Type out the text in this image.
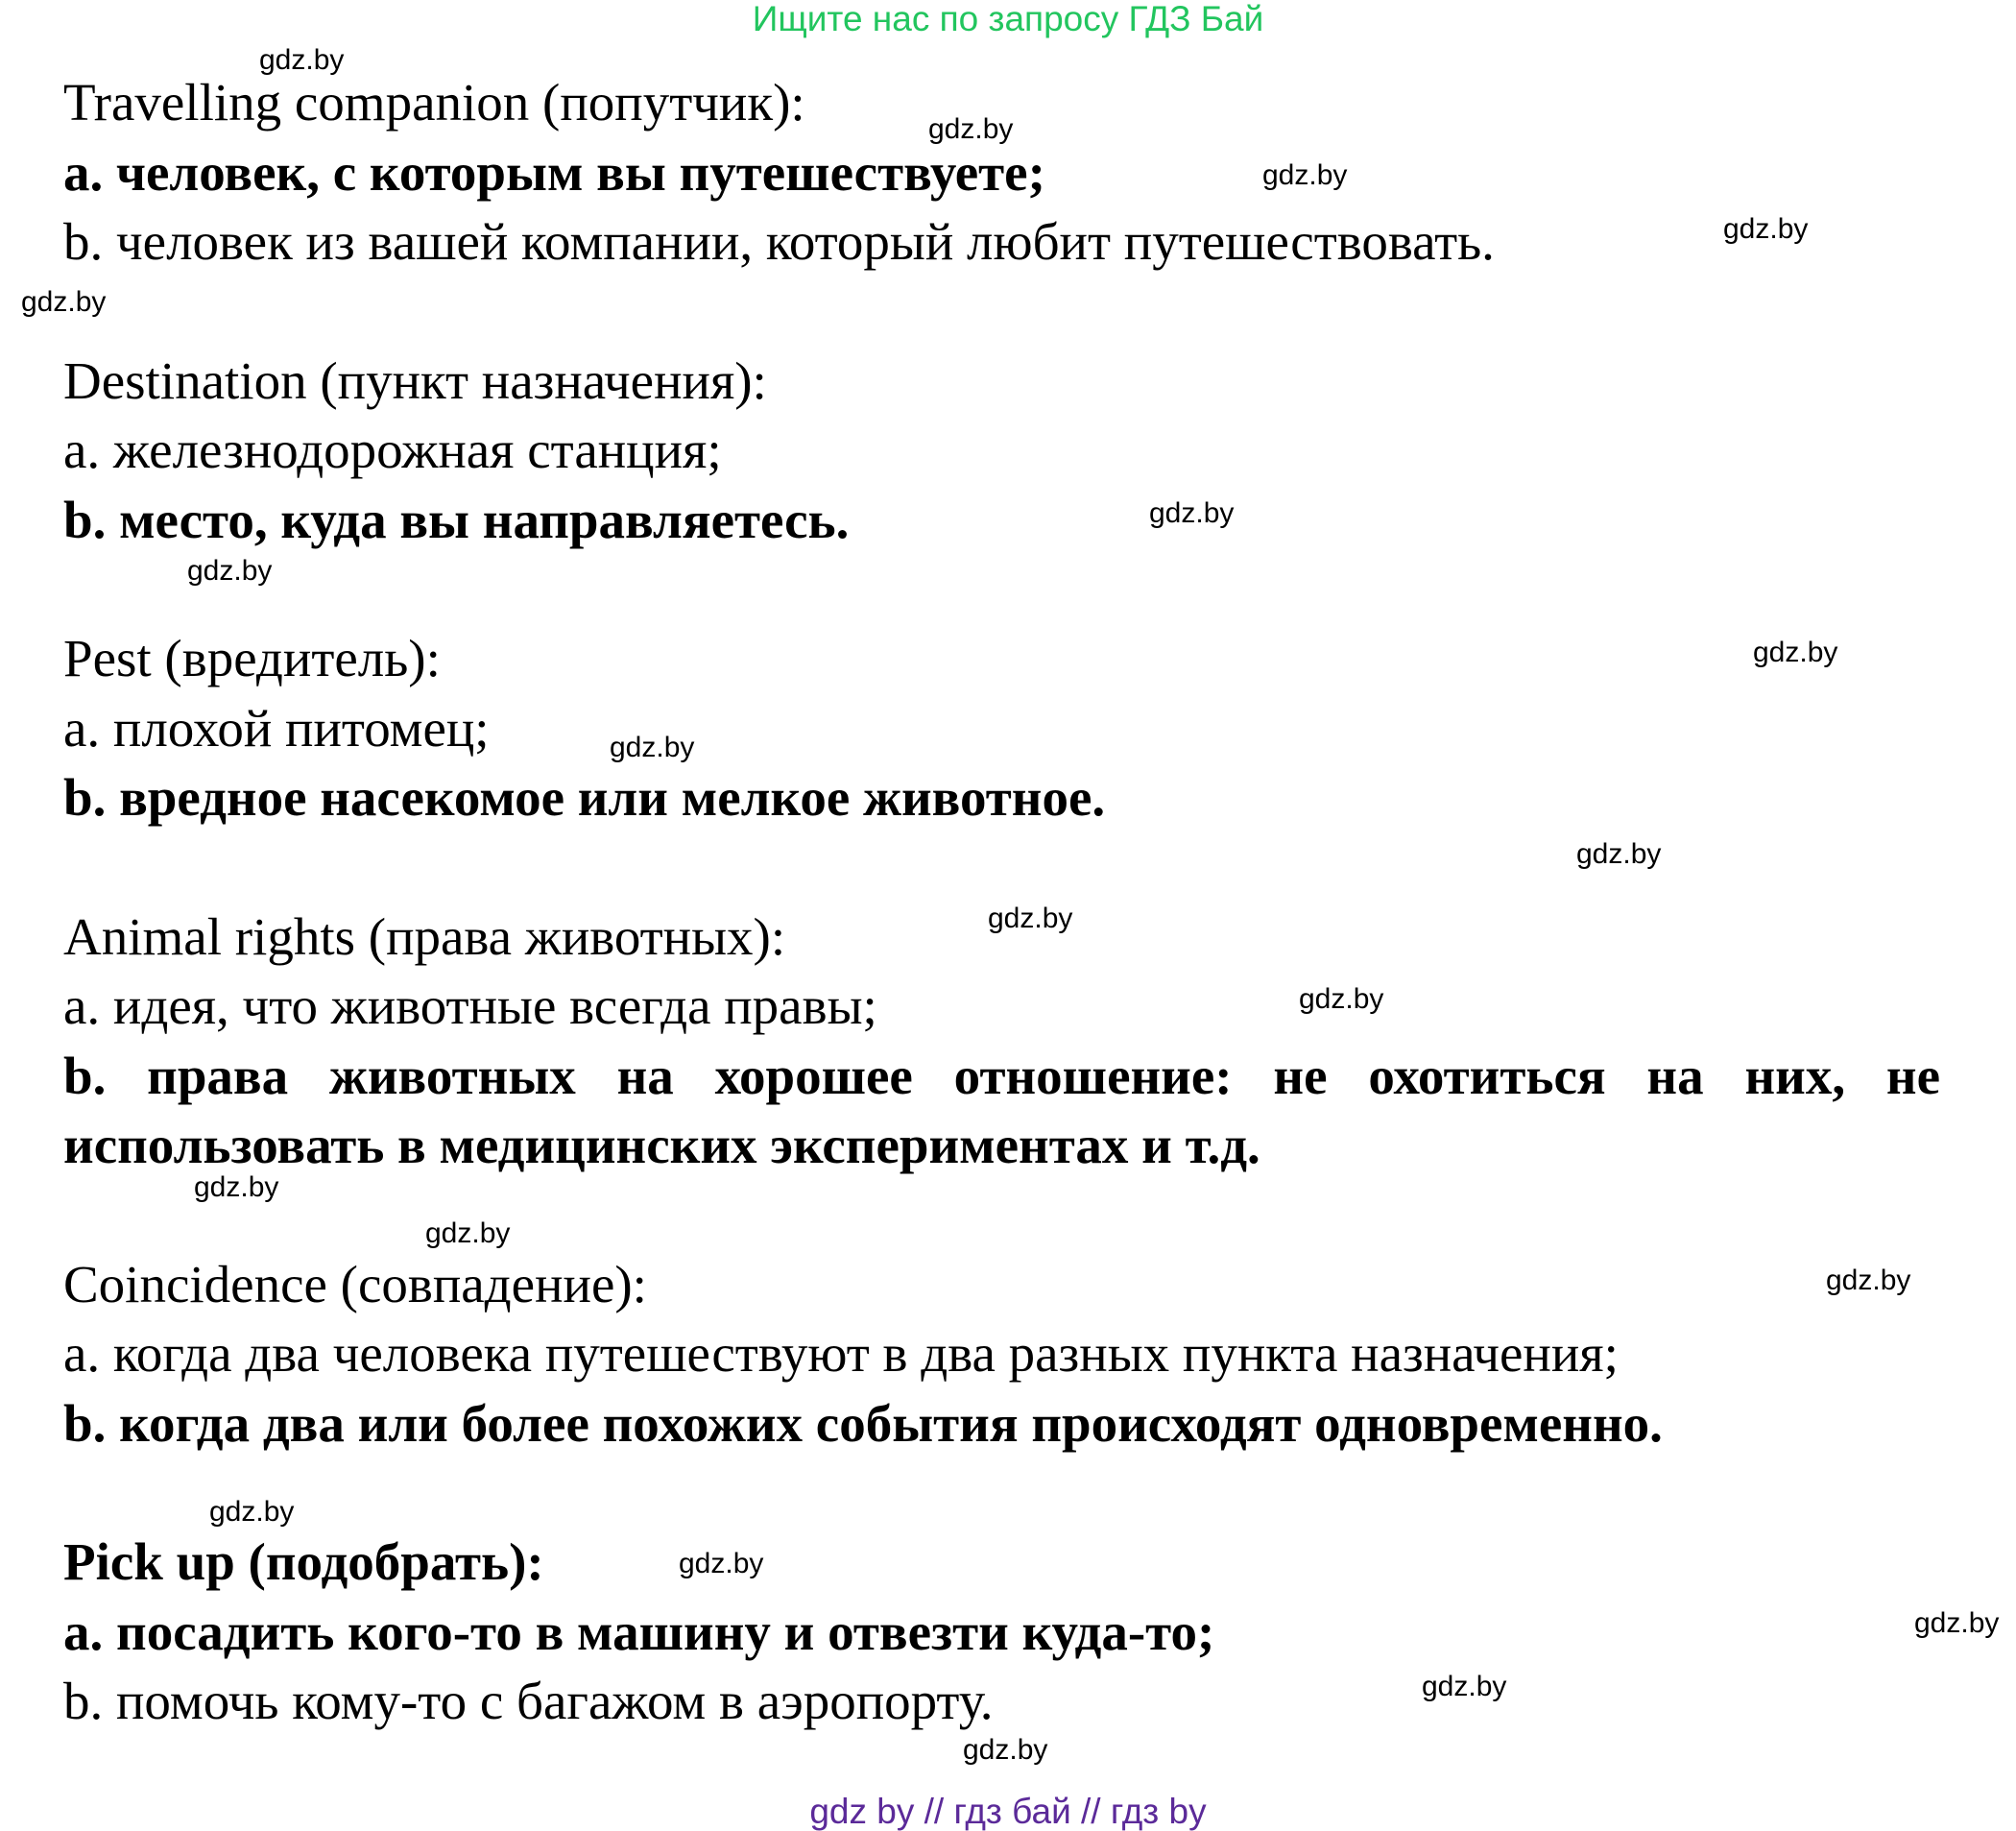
Ищите нас по запросу ГДЗ Бай
Travelling companion (попутчик):
a. человек, с которым вы путешествуете;
b. человек из вашей компании, который любит путешествовать.
Destination (пункт назначения):
a. железнодорожная станция;
b. место, куда вы направляетесь.
Pest (вредитель):
a. плохой питомец;
b. вредное насекомое или мелкое животное.
Animal rights (права животных):
a. идея, что животные всегда правы;
b. права животных на хорошее отношение: не охотиться на них, не
использовать в медицинских экспериментах и т.д.
Coincidence (совпадение):
a. когда два человека путешествуют в два разных пункта назначения;
b. когда два или более похожих события происходят одновременно.
Pick up (подобрать):
a. посадить кого-то в машину и отвезти куда-то;
b. помочь кому-то с багажом в аэропорту.
gdz.by
gdz.by
gdz.by
gdz.by
gdz.by
gdz.by
gdz.by
gdz.by
gdz.by
gdz.by
gdz.by
gdz.by
gdz.by
gdz.by
gdz.by
gdz.by
gdz.by
gdz.by
gdz.by
gdz.by
gdz by // гдз бай // гдз by
